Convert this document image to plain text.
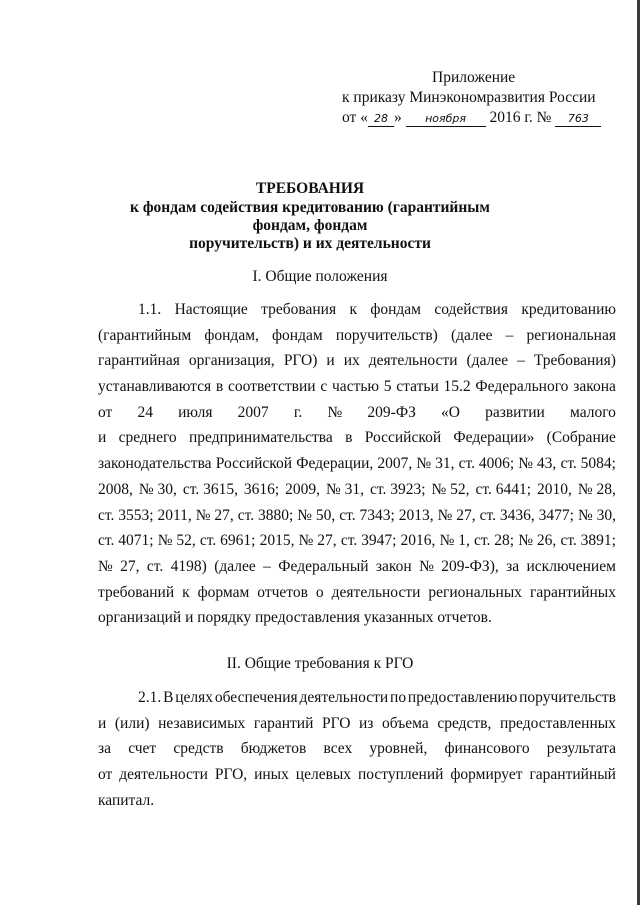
Приложение
к приказу Минэкономразвития России
от « 28 » ноября 2016 г. № 763
ТРЕБОВАНИЯ
к фондам содействия кредитованию (гарантийным фондам, фондам
поручительств) и их деятельности
I. Общие положения
1.1. Настоящие требования к фондам содействия кредитованию
(гарантийным фондам, фондам поручительств) (далее – региональная
гарантийная организация, РГО) и их деятельности (далее – Требования)
устанавливаются в соответствии с частью 5 статьи 15.2 Федерального закона
от 24 июля 2007 г. № 209-ФЗ «О развитии малого
и среднего предпринимательства в Российской Федерации» (Собрание
законодательства Российской Федерации, 2007, № 31, ст. 4006; № 43, ст. 5084;
2008, № 30, ст. 3615, 3616; 2009, № 31, ст. 3923; № 52, ст. 6441; 2010, № 28,
ст. 3553; 2011, № 27, ст. 3880; № 50, ст. 7343; 2013, № 27, ст. 3436, 3477; № 30,
ст. 4071; № 52, ст. 6961; 2015, № 27, ст. 3947; 2016, № 1, ст. 28; № 26, ст. 3891;
№ 27, ст. 4198) (далее – Федеральный закон № 209-ФЗ), за исключением
требований к формам отчетов о деятельности региональных гарантийных
организаций и порядку предоставления указанных отчетов.
II. Общие требования к РГО
2.1. В целях обеспечения деятельности по предоставлению поручительств
и (или) независимых гарантий РГО из объема средств, предоставленных
за счет средств бюджетов всех уровней, финансового результата
от деятельности РГО, иных целевых поступлений формирует гарантийный
капитал.
